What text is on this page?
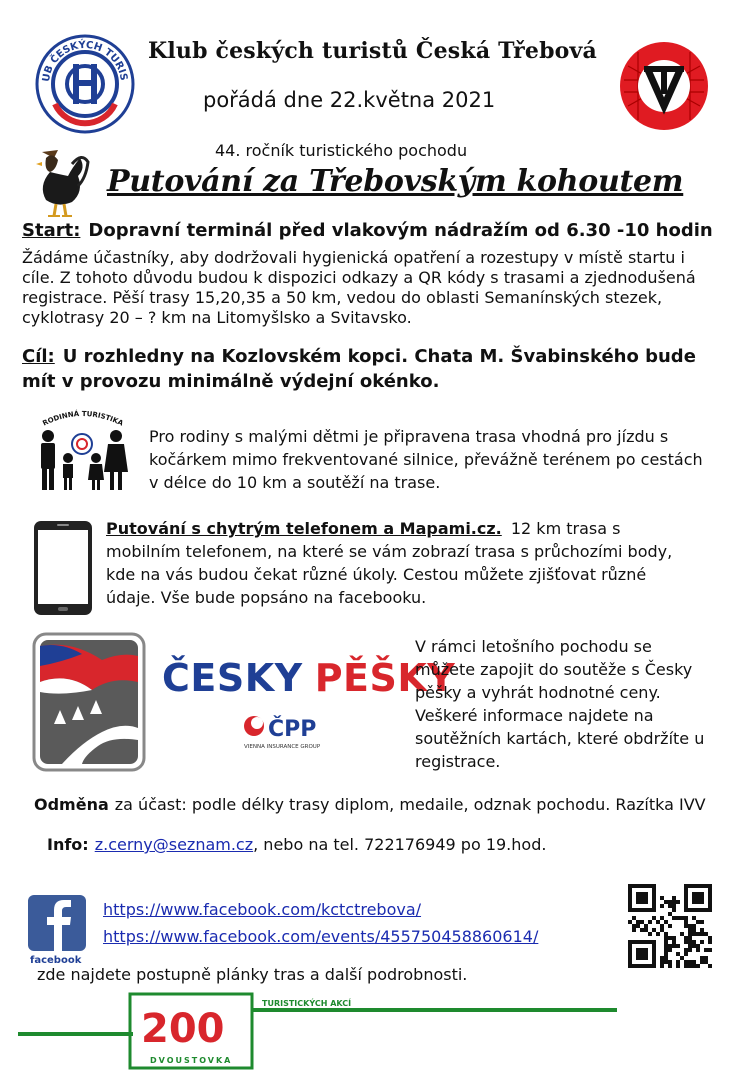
UB ČESKÝCH TURIS
Klub českých turistů Česká Třebová
pořádá dne 22.května 2021
44. ročník turistického pochodu
Putování za Třebovským kohoutem
Start: Dopravní terminál před vlakovým nádražím od 6.30 -10 hodin
Žádáme účastníky, aby dodržovali hygienická opatření a rozestupy v místě startu i cíle. Z tohoto důvodu budou k dispozici odkazy a QR kódy s trasami a zjednodušená registrace. Pěší trasy 15,20,35 a 50 km, vedou do oblasti Semanínských stezek, cyklotrasy 20 – ? km na Litomyšlsko a Svitavsko.
Cíl: U rozhledny na Kozlovském kopci. Chata M. Švabinského bude mít v provozu minimálně výdejní okénko.
RODINNÁ TURISTIKA
Pro rodiny s malými dětmi je připravena trasa vhodná pro jízdu s kočárkem mimo frekventované silnice, převážně terénem po cestách v délce do 10 km a soutěží na trase.
Putování s chytrým telefonem a Mapami.cz. 12 km trasa s mobilním telefonem, na které se vám zobrazí trasa s průchozími body, kde na vás budou čekat různé úkoly. Cestou můžete zjišťovat různé údaje. Vše bude popsáno na facebooku.
ČESKY PĚŠKY
ČPP
VIENNA INSURANCE GROUP
V rámci letošního pochodu se můžete zapojit do soutěže s Česky pěšky a vyhrát hodnotné ceny. Veškeré informace najdete na soutěžních kartách, které obdržíte u registrace.
Odměna za účast: podle délky trasy diplom, medaile, odznak pochodu. Razítka IVV
Info: z.cerny@seznam.cz, nebo na tel. 722176949 po 19.hod.
facebook
https://www.facebook.com/kctctrebova/
https://www.facebook.com/events/455750458860614/
zde najdete postupně plánky tras a další podrobnosti.
200
TURISTICKÝCH AKCÍ
DVOUSTOVKA
